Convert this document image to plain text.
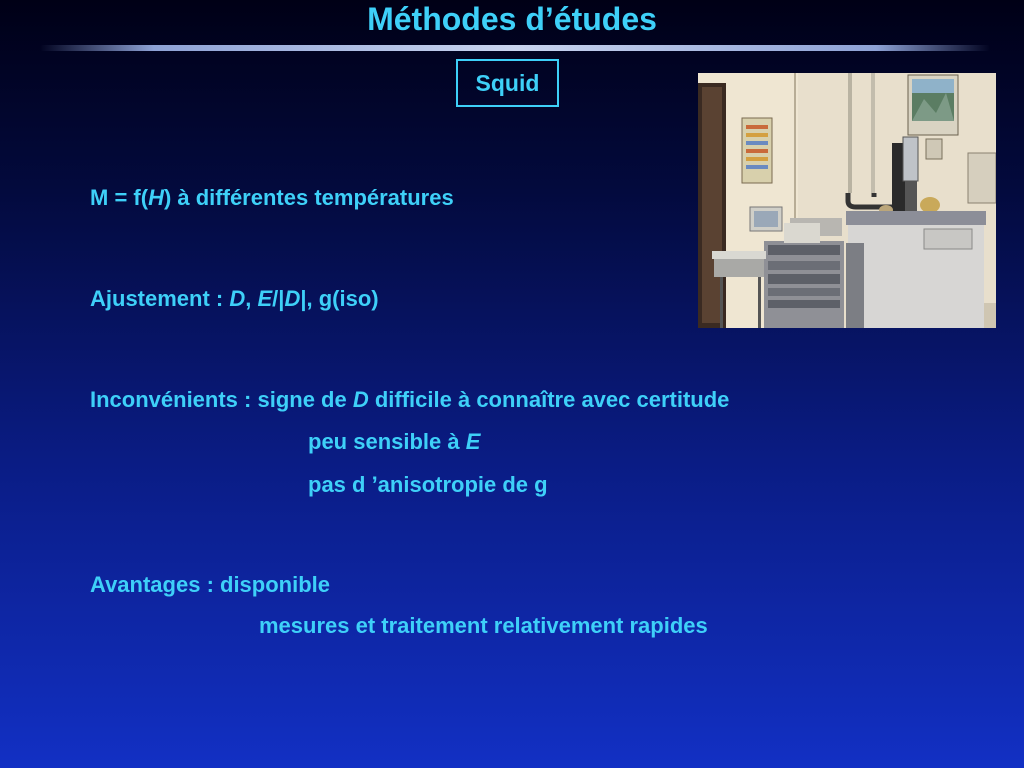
Méthodes d’études
Squid
M = f(H) à différentes températures
Ajustement : D, E/|D|, g(iso)
Inconvénients : signe de D difficile à connaître avec certitude
peu sensible à E
pas d ’anisotropie de g
Avantages : disponible
mesures et traitement relativement rapides
